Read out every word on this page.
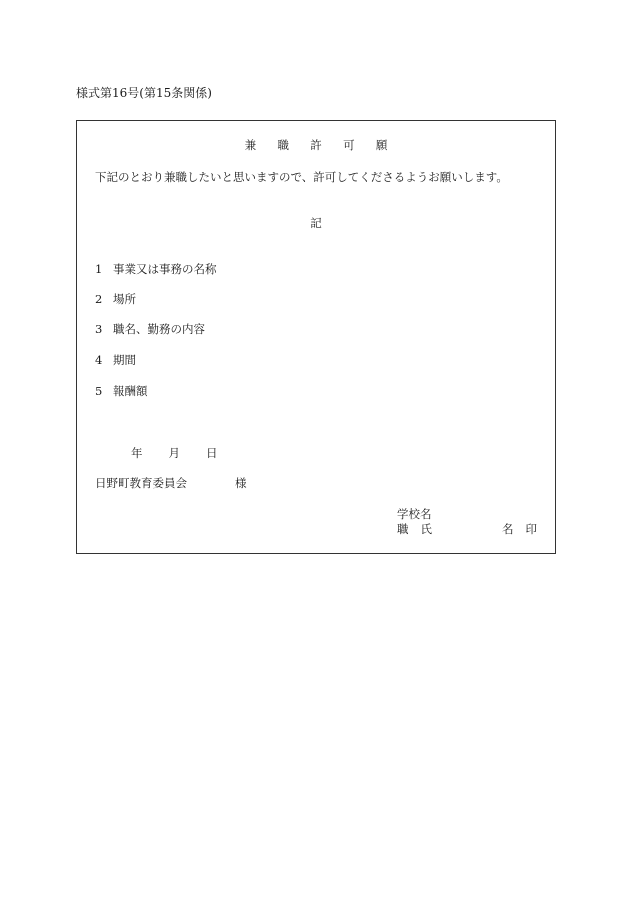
様式第16号(第15条関係)
兼 職 許 可 願
下記のとおり兼職したいと思いますので、許可してくださるようお願いします。
記
1 事業又は事務の名称
2 場所
3 職名、勤務の内容
4 期間
5 報酬額
年 月 日
日野町教育委員会	様
学校名
職 氏	名 印
